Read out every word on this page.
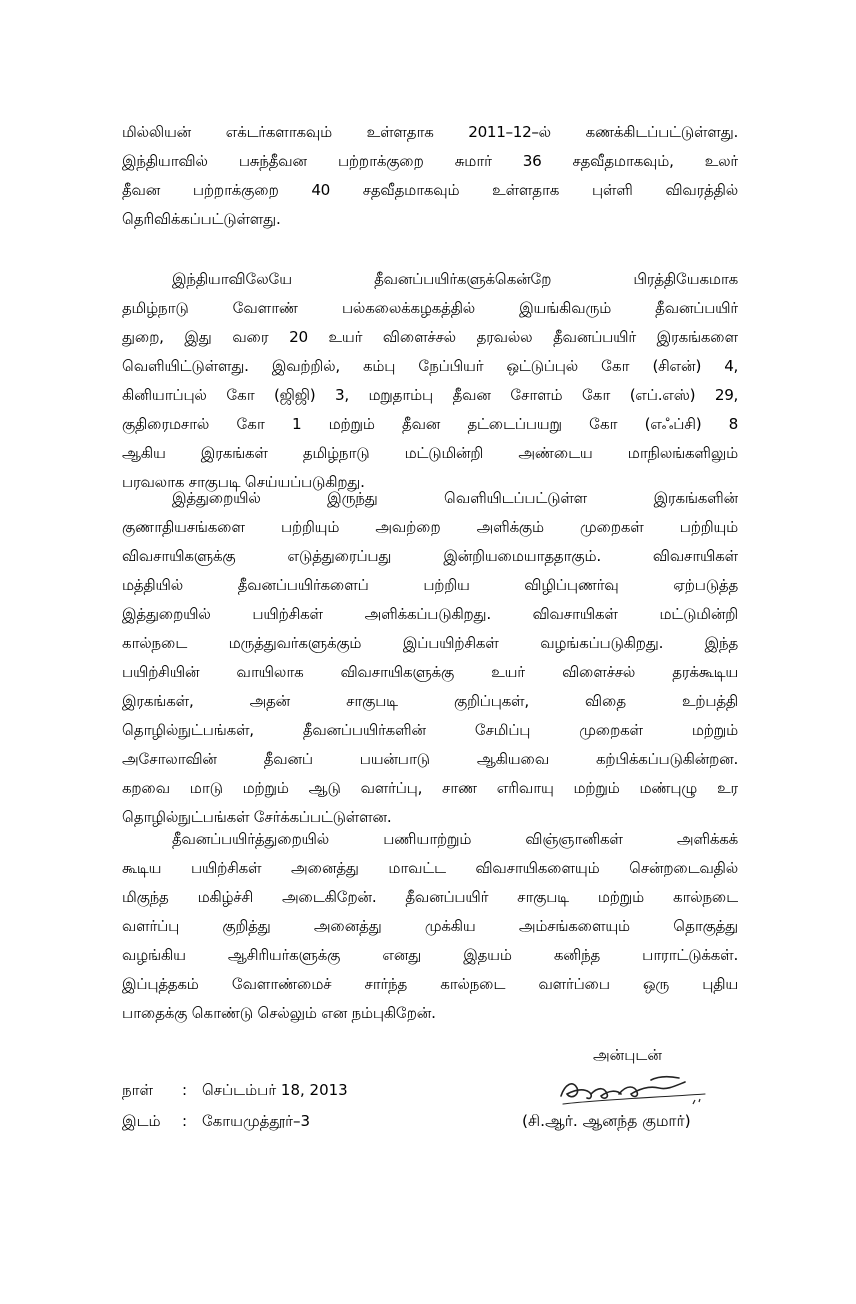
மில்லியன் எக்டர்களாகவும் உள்ளதாக 2011–12–ல் கணக்கிடப்பட்டுள்ளது.
இந்தியாவில் பசுந்தீவன பற்றாக்குறை சுமார் 36 சதவீதமாகவும், உலர்
தீவன பற்றாக்குறை 40 சதவீதமாகவும் உள்ளதாக புள்ளி விவரத்தில்
தெரிவிக்கப்பட்டுள்ளது.
இந்தியாவிலேயே தீவனப்பயிர்களுக்கென்றே பிரத்தியேகமாக
தமிழ்நாடு வேளாண் பல்கலைக்கழகத்தில் இயங்கிவரும் தீவனப்பயிர்
துறை, இது வரை 20 உயர் விளைச்சல் தரவல்ல தீவனப்பயிர் இரகங்களை
வெளியிட்டுள்ளது. இவற்றில், கம்பு நேப்பியர் ஒட்டுப்புல் கோ (சிஎன்) 4,
கினியாப்புல் கோ (ஜிஜி) 3, மறுதாம்பு தீவன சோளம் கோ (எப்.எஸ்) 29,
குதிரைமசால் கோ 1 மற்றும் தீவன தட்டைப்பயறு கோ (எஃப்சி) 8
ஆகிய இரகங்கள் தமிழ்நாடு மட்டுமின்றி அண்டைய மாநிலங்களிலும்
பரவலாக சாகுபடி செய்யப்படுகிறது.
இத்துறையில் இருந்து வெளியிடப்பட்டுள்ள இரகங்களின்
குணாதியசங்களை பற்றியும் அவற்றை அளிக்கும் முறைகள் பற்றியும்
விவசாயிகளுக்கு எடுத்துரைப்பது இன்றியமையாததாகும். விவசாயிகள்
மத்தியில் தீவனப்பயிர்களைப் பற்றிய விழிப்புணர்வு ஏற்படுத்த
இத்துறையில் பயிற்சிகள் அளிக்கப்படுகிறது. விவசாயிகள் மட்டுமின்றி
கால்நடை மருத்துவர்களுக்கும் இப்பயிற்சிகள் வழங்கப்படுகிறது. இந்த
பயிற்சியின் வாயிலாக விவசாயிகளுக்கு உயர் விளைச்சல் தரக்கூடிய
இரகங்கள், அதன் சாகுபடி குறிப்புகள், விதை உற்பத்தி
தொழில்நுட்பங்கள், தீவனப்பயிர்களின் சேமிப்பு முறைகள் மற்றும்
அசோலாவின் தீவனப் பயன்பாடு ஆகியவை கற்பிக்கப்படுகின்றன.
கறவை மாடு மற்றும் ஆடு வளர்ப்பு, சாண எரிவாயு மற்றும் மண்புழு உர
தொழில்நுட்பங்கள் சேர்க்கப்பட்டுள்ளன.
தீவனப்பயிர்த்துறையில் பணியாற்றும் விஞ்ஞானிகள் அளிக்கக்
கூடிய பயிற்சிகள் அனைத்து மாவட்ட விவசாயிகளையும் சென்றடைவதில்
மிகுந்த மகிழ்ச்சி அடைகிறேன். தீவனப்பயிர் சாகுபடி மற்றும் கால்நடை
வளர்ப்பு குறித்து அனைத்து முக்கிய அம்சங்களையும் தொகுத்து
வழங்கிய ஆசிரியர்களுக்கு எனது இதயம் கனிந்த பாராட்டுக்கள்.
இப்புத்தகம் வேளாண்மைச் சார்ந்த கால்நடை வளர்ப்பை ஒரு புதிய
பாதைக்கு கொண்டு செல்லும் என நம்புகிறேன்.
அன்புடன்
நாள் : செப்டம்பர் 18, 2013
இடம் : கோயமுத்தூர்–3	(சி.ஆர். ஆனந்த குமார்)
